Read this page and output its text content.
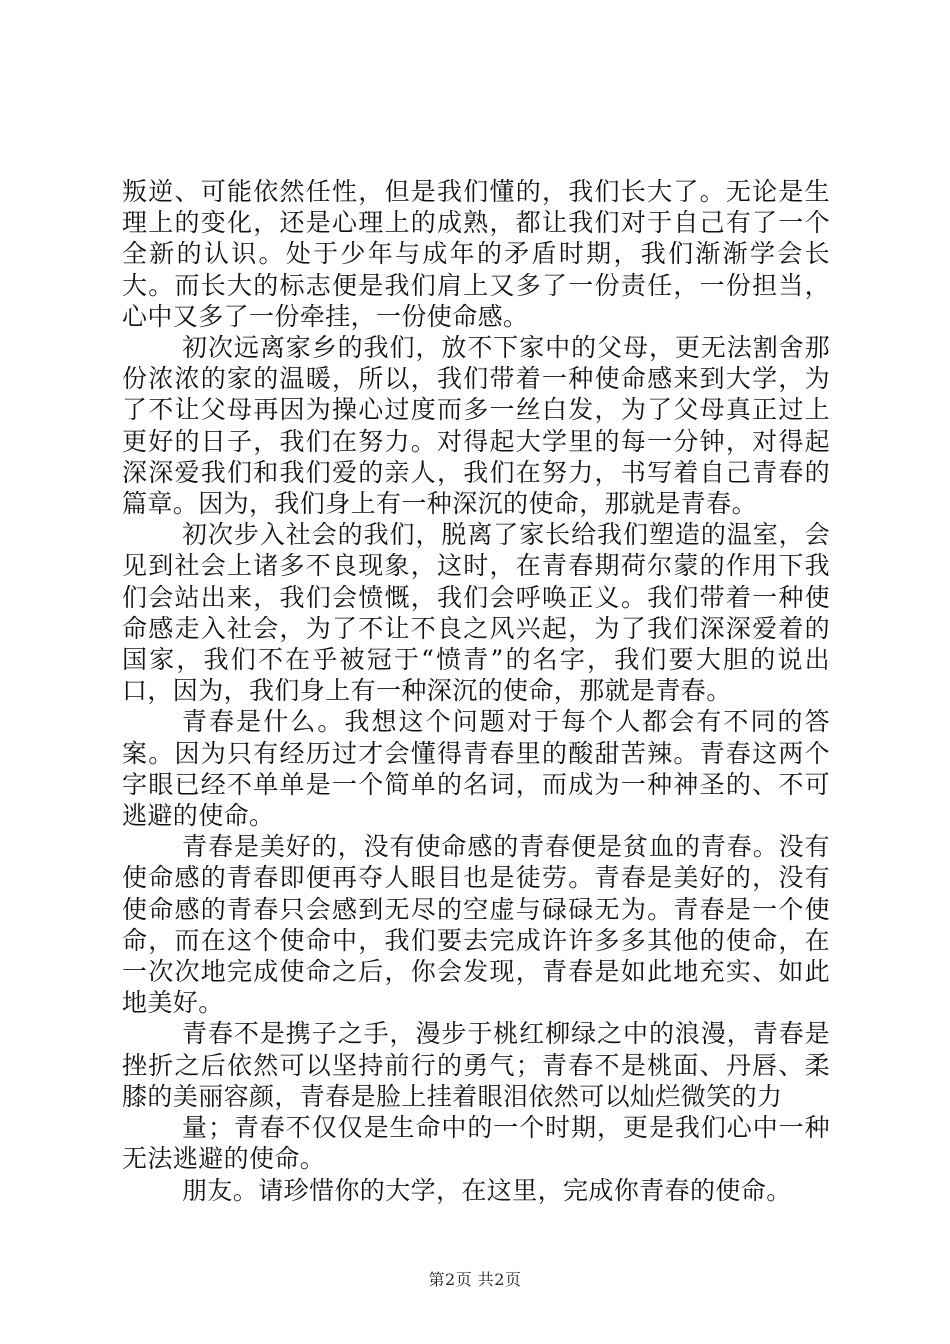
叛逆、可能依然任性，但是我们懂的，我们长大了。无论是生理上的变化，还是心理上的成熟，都让我们对于自己有了一个全新的认识。处于少年与成年的矛盾时期，我们渐渐学会长大。而长大的标志便是我们肩上又多了一份责任，一份担当，心中又多了一份牵挂，一份使命感。

初次远离家乡的我们，放不下家中的父母，更无法割舍那份浓浓的家的温暖，所以，我们带着一种使命感来到大学，为了不让父母再因为操心过度而多一丝白发，为了父母真正过上更好的日子，我们在努力。对得起大学里的每一分钟，对得起深深爱我们和我们爱的亲人，我们在努力，书写着自己青春的篇章。因为，我们身上有一种深沉的使命，那就是青春。

初次步入社会的我们，脱离了家长给我们塑造的温室，会见到社会上诸多不良现象，这时，在青春期荷尔蒙的作用下我们会站出来，我们会愤慨，我们会呼唤正义。我们带着一种使命感走入社会，为了不让不良之风兴起，为了我们深深爱着的国家，我们不在乎被冠于“愤青”的名字，我们要大胆的说出口，因为，我们身上有一种深沉的使命，那就是青春。

青春是什么。我想这个问题对于每个人都会有不同的答案。因为只有经历过才会懂得青春里的酸甜苦辣。青春这两个字眼已经不单单是一个简单的名词，而成为一种神圣的、不可逃避的使命。

青春是美好的，没有使命感的青春便是贫血的青春。没有使命感的青春即便再夺人眼目也是徒劳。青春是美好的，没有使命感的青春只会感到无尽的空虚与碌碌无为。青春是一个使命，而在这个使命中，我们要去完成许许多多其他的使命，在一次次地完成使命之后，你会发现，青春是如此地充实、如此地美好。

青春不是携子之手，漫步于桃红柳绿之中的浪漫，青春是挫折之后依然可以坚持前行的勇气；青春不是桃面、丹唇、柔膝的美丽容颜，青春是脸上挂着眼泪依然可以灿烂微笑的力

量；青春不仅仅是生命中的一个时期，更是我们心中一种无法逃避的使命。

朋友。请珍惜你的大学，在这里，完成你青春的使命。

第2页 共2页
